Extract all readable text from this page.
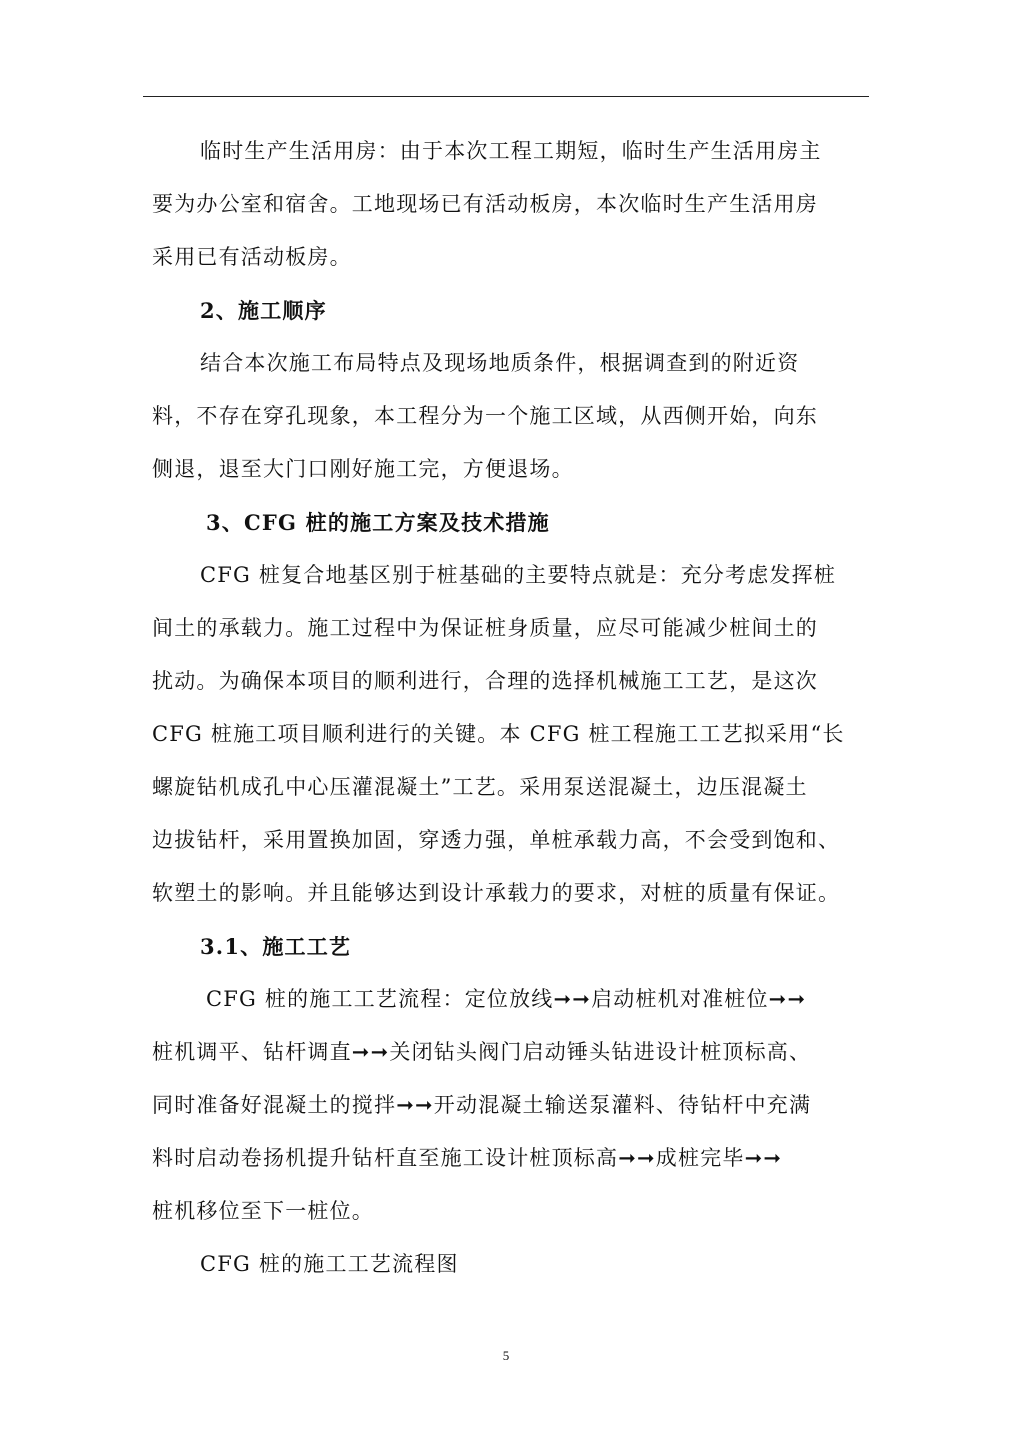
临时生产生活用房：由于本次工程工期短，临时生产生活用房主
要为办公室和宿舍。工地现场已有活动板房，本次临时生产生活用房
采用已有活动板房。
2、施工顺序
结合本次施工布局特点及现场地质条件，根据调查到的附近资
料，不存在穿孔现象，本工程分为一个施工区域，从西侧开始，向东
侧退，退至大门口刚好施工完，方便退场。
3、CFG 桩的施工方案及技术措施
CFG 桩复合地基区别于桩基础的主要特点就是：充分考虑发挥桩
间土的承载力。施工过程中为保证桩身质量，应尽可能减少桩间土的
扰动。为确保本项目的顺利进行，合理的选择机械施工工艺，是这次
CFG 桩施工项目顺利进行的关键。本 CFG 桩工程施工工艺拟采用“长
螺旋钻机成孔中心压灌混凝土”工艺。采用泵送混凝土，边压混凝土
边拔钻杆，采用置换加固，穿透力强，单桩承载力高，不会受到饱和、
软塑土的影响。并且能够达到设计承载力的要求，对桩的质量有保证。
3.1、施工工艺
CFG 桩的施工工艺流程：定位放线➞➞启动桩机对准桩位➞➞
桩机调平、钻杆调直➞➞关闭钻头阀门启动锤头钻进设计桩顶标高、
同时准备好混凝土的搅拌➞➞开动混凝土输送泵灌料、待钻杆中充满
料时启动卷扬机提升钻杆直至施工设计桩顶标高➞➞成桩完毕➞➞
桩机移位至下一桩位。
CFG 桩的施工工艺流程图
5
